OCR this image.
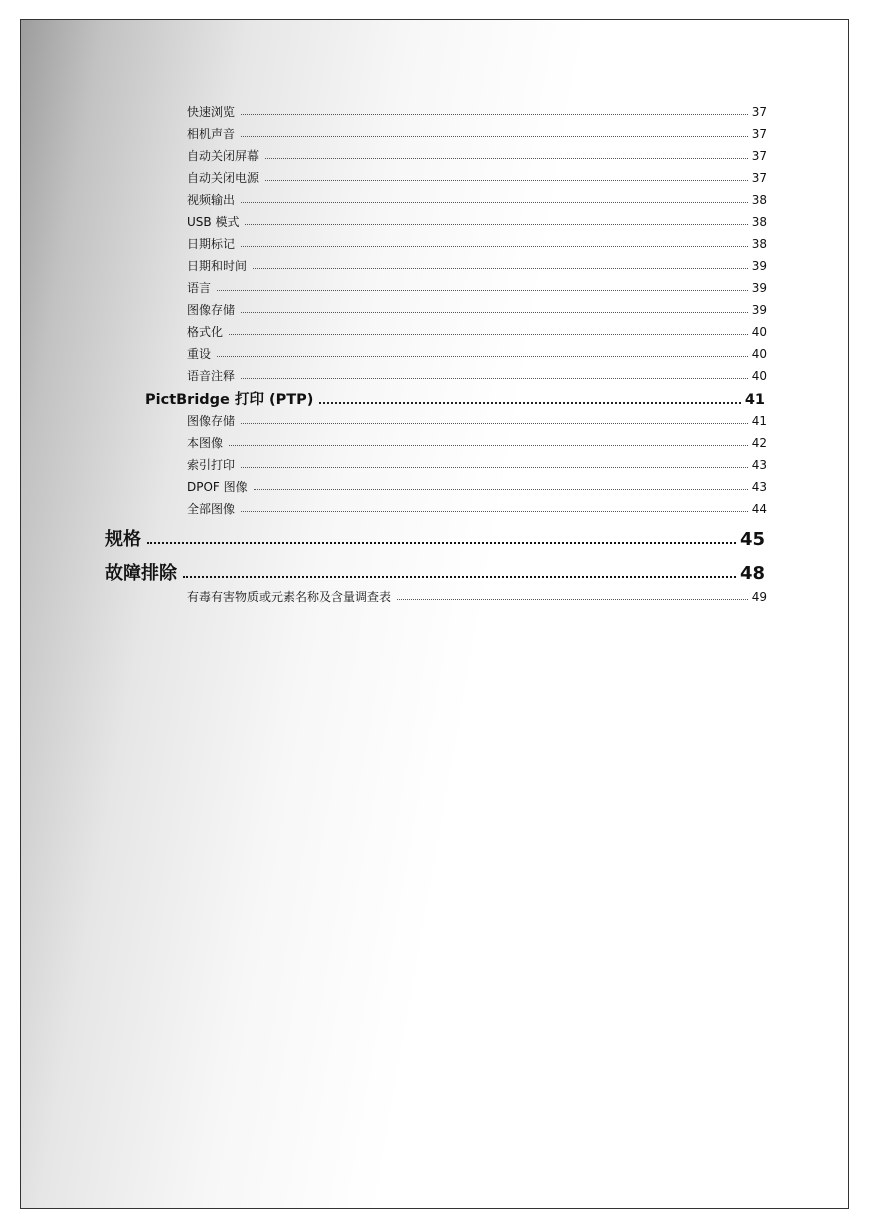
快速浏览	37
相机声音	37
自动关闭屏幕	37
自动关闭电源	37
视频输出	38
USB 模式	38
日期标记	38
日期和时间	39
语言	39
图像存储	39
格式化	40
重设	40
语音注释	40
PictBridge 打印 (PTP)	41
图像存储	41
本图像	42
索引打印	43
DPOF 图像	43
全部图像	44
规格	45
故障排除	48
有毒有害物质或元素名称及含量调查表	49
